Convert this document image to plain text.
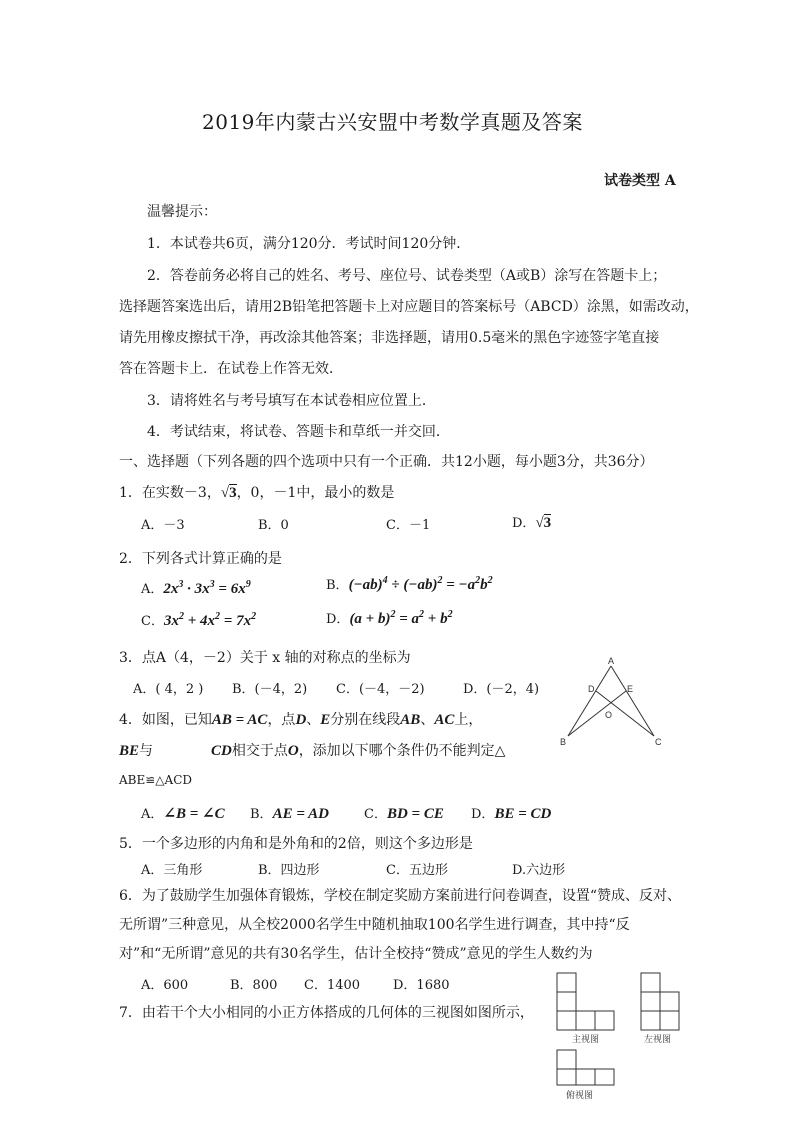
2019年内蒙古兴安盟中考数学真题及答案
试卷类型 A
温馨提示：
1．本试卷共6页，满分120分．考试时间120分钟．
2．答卷前务必将自己的姓名、考号、座位号、试卷类型（A或B）涂写在答题卡上；
选择题答案选出后，请用2B铅笔把答题卡上对应题目的答案标号（ABCD）涂黑，如需改动，
请先用橡皮擦拭干净，再改涂其他答案；非选择题，请用0.5毫米的黑色字迹签字笔直接
答在答题卡上．在试卷上作答无效．
3．请将姓名与考号填写在本试卷相应位置上．
4．考试结束，将试卷、答题卡和草纸一并交回．
一、选择题（下列各题的四个选项中只有一个正确．共12小题，每小题3分，共36分）
1．在实数－3，√3，0，－1中，最小的数是
A．－3	B．0	C．－1	D．√3
2．下列各式计算正确的是
A．$2x^3 \cdot 3x^3 = 6x^9$	B．$(-ab)^4 \div (-ab)^2 = -a^2b^2$
C．$3x^2 + 4x^2 = 7x^2$	D．$(a + b)^2 = a^2 + b^2$
3．点A（4，－2）关于 x 轴的对称点的坐标为
A．( 4，2 ) B．(－4，2) C．(－4，－2)	D．(－2，4)
A
B	C
D	E
O
4．如图，已知AB = AC，点D、E分别在线段AB、AC上，
BE与	CD相交于点O，添加以下哪个条件仍不能判定△
ABE≌△ACD
A．∠B = ∠C B．AE = AD	C．BD = CE D．BE = CD
5．一个多边形的内角和是外角和的2倍，则这个多边形是
A．三角形	B．四边形	C．五边形	D.六边形
6．为了鼓励学生加强体育锻炼，学校在制定奖励方案前进行问卷调查，设置“赞成、反对、
无所谓”三种意见，从全校2000名学生中随机抽取100名学生进行调查，其中持“反
对”和“无所谓”意见的共有30名学生，估计全校持“赞成”意见的学生人数约为
A．600	B．800 C．1400	D．1680
7．由若干个大小相同的小正方体搭成的几何体的三视图如图所示，
主视图	左视图
俯视图
